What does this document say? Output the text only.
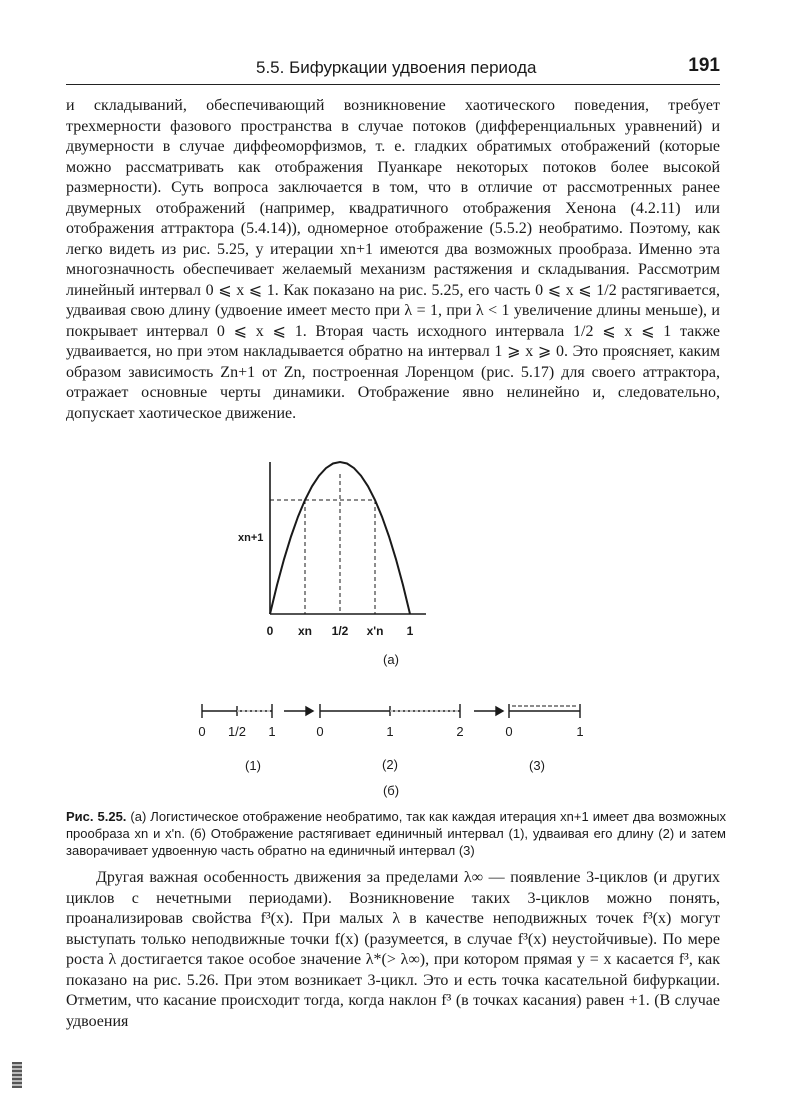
5.5. Бифуркации удвоения периода	191

и складываний, обеспечивающий возникновение хаотического поведения, требует трехмерности фазового пространства в случае потоков (дифференциальных уравнений) и двумерности в случае диффеоморфизмов, т. е. гладких обратимых отображений (которые можно рассматривать как отображения Пуанкаре некоторых потоков более высокой размерности). Суть вопроса заключается в том, что в отличие от рассмотренных ранее двумерных отображений (например, квадратичного отображения Хенона (4.2.11) или отображения аттрактора (5.4.14)), одномерное отображение (5.5.2) необратимо. Поэтому, как легко видеть из рис. 5.25, у итерации xn+1 имеются два возможных прообраза. Именно эта многозначность обеспечивает желаемый механизм растяжения и складывания. Рассмотрим линейный интервал 0 ⩽ x ⩽ 1. Как показано на рис. 5.25, его часть 0 ⩽ x ⩽ 1/2 растягивается, удваивая свою длину (удвоение имеет место при λ = 1, при λ < 1 увеличение длины меньше), и покрывает интервал 0 ⩽ x ⩽ 1. Вторая часть исходного интервала 1/2 ⩽ x ⩽ 1 также удваивается, но при этом накладывается обратно на интервал 1 ⩾ x ⩾ 0. Это проясняет, каким образом зависимость Zn+1 от Zn, построенная Лоренцом (рис. 5.17) для своего аттрактора, отражает основные черты динамики. Отображение явно нелинейно и, следовательно, допускает хаотическое движение.

xn+1
0 xn 1/2 x'n 1
(а)
0 1/2 1	0	1	2	0	1
(1)	(2)	(3)
(б)

Рис. 5.25. (а) Логистическое отображение необратимо, так как каждая итерация xn+1 имеет два возможных прообраза xn и x'n. (б) Отображение растягивает единичный интервал (1), удваивая его длину (2) и затем заворачивает удвоенную часть обратно на единичный интервал (3)

Другая важная особенность движения за пределами λ∞ — появление 3-циклов (и других циклов с нечетными периодами). Возникновение таких 3-циклов можно понять, проанализировав свойства f³(x). При малых λ в качестве неподвижных точек f³(x) могут выступать только неподвижные точки f(x) (разумеется, в случае f³(x) неустойчивые). По мере роста λ достигается такое особое значение λ*(> λ∞), при котором прямая y = x касается f³, как показано на рис. 5.26. При этом возникает 3-цикл. Это и есть точка касательной бифуркации. Отметим, что касание происходит тогда, когда наклон f³ (в точках касания) равен +1. (В случае удвоения
